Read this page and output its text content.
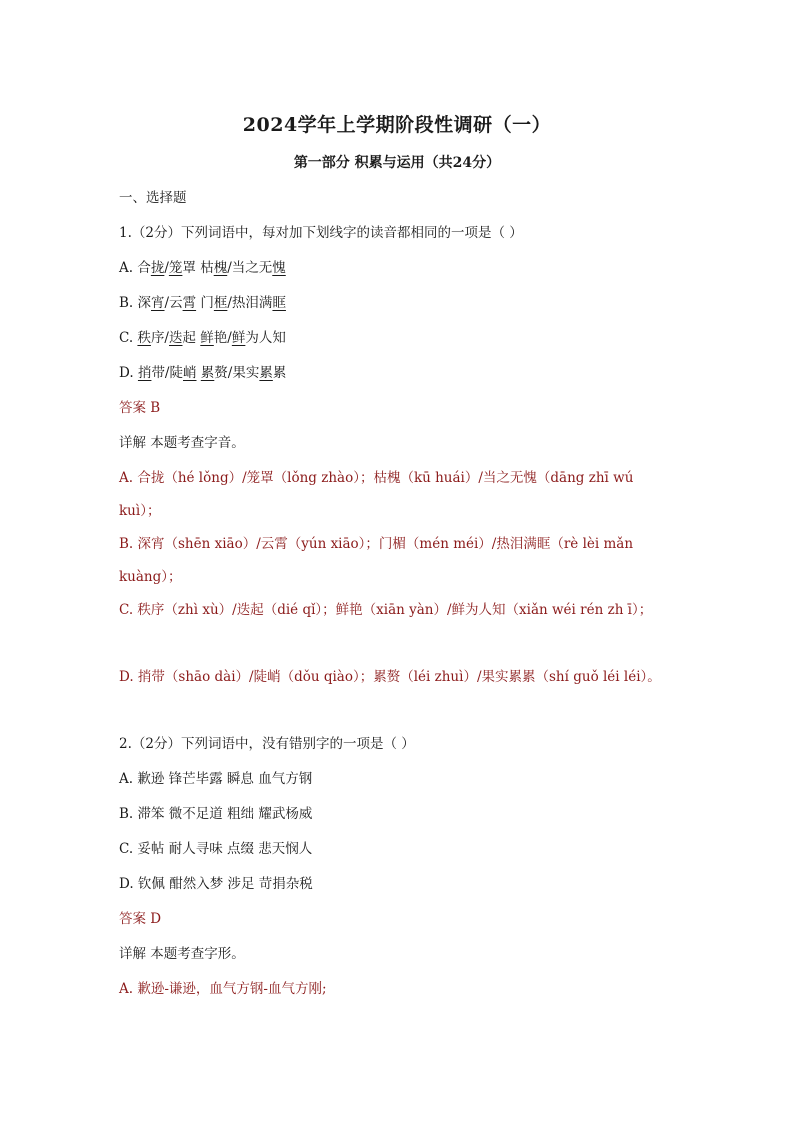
2024学年上学期阶段性调研（一）
第一部分 积累与运用（共24分）
一、选择题
1.（2分）下列词语中，每对加下划线字的读音都相同的一项是（ ）
A. 合拢/笼罩 枯槐/当之无愧
B. 深宵/云霄 门框/热泪满眶
C. 秩序/迭起 鲜艳/鲜为人知
D. 捎带/陡峭 累赘/果实累累
答案 B
详解 本题考查字音。
A. 合拢（hé lǒng）/笼罩（lǒng zhào）；枯槐（kū huái）/当之无愧（dāng zhī wú kuì）；
B. 深宵（shēn xiāo）/云霄（yún xiāo）；门楣（mén méi）/热泪满眶（rè lèi mǎn kuàng）；
C. 秩序（zhì xù）/迭起（dié qǐ）；鲜艳（xiān yàn）/鲜为人知（xiǎn wéi rén zh ī）；
D. 捎带（shāo dài）/陡峭（dǒu qiào）；累赘（léi zhuì）/果实累累（shí guǒ léi léi）。
2.（2分）下列词语中，没有错别字的一项是（ ）
A. 歉逊 锋芒毕露 瞬息 血气方钢
B. 滞笨 微不足道 粗绌 耀武杨威
C. 妥帖 耐人寻味 点缀 悲天悯人
D. 钦佩 酣然入梦 涉足 苛捐杂税
答案 D
详解 本题考查字形。
A. 歉逊-谦逊，血气方钢-血气方刚;
